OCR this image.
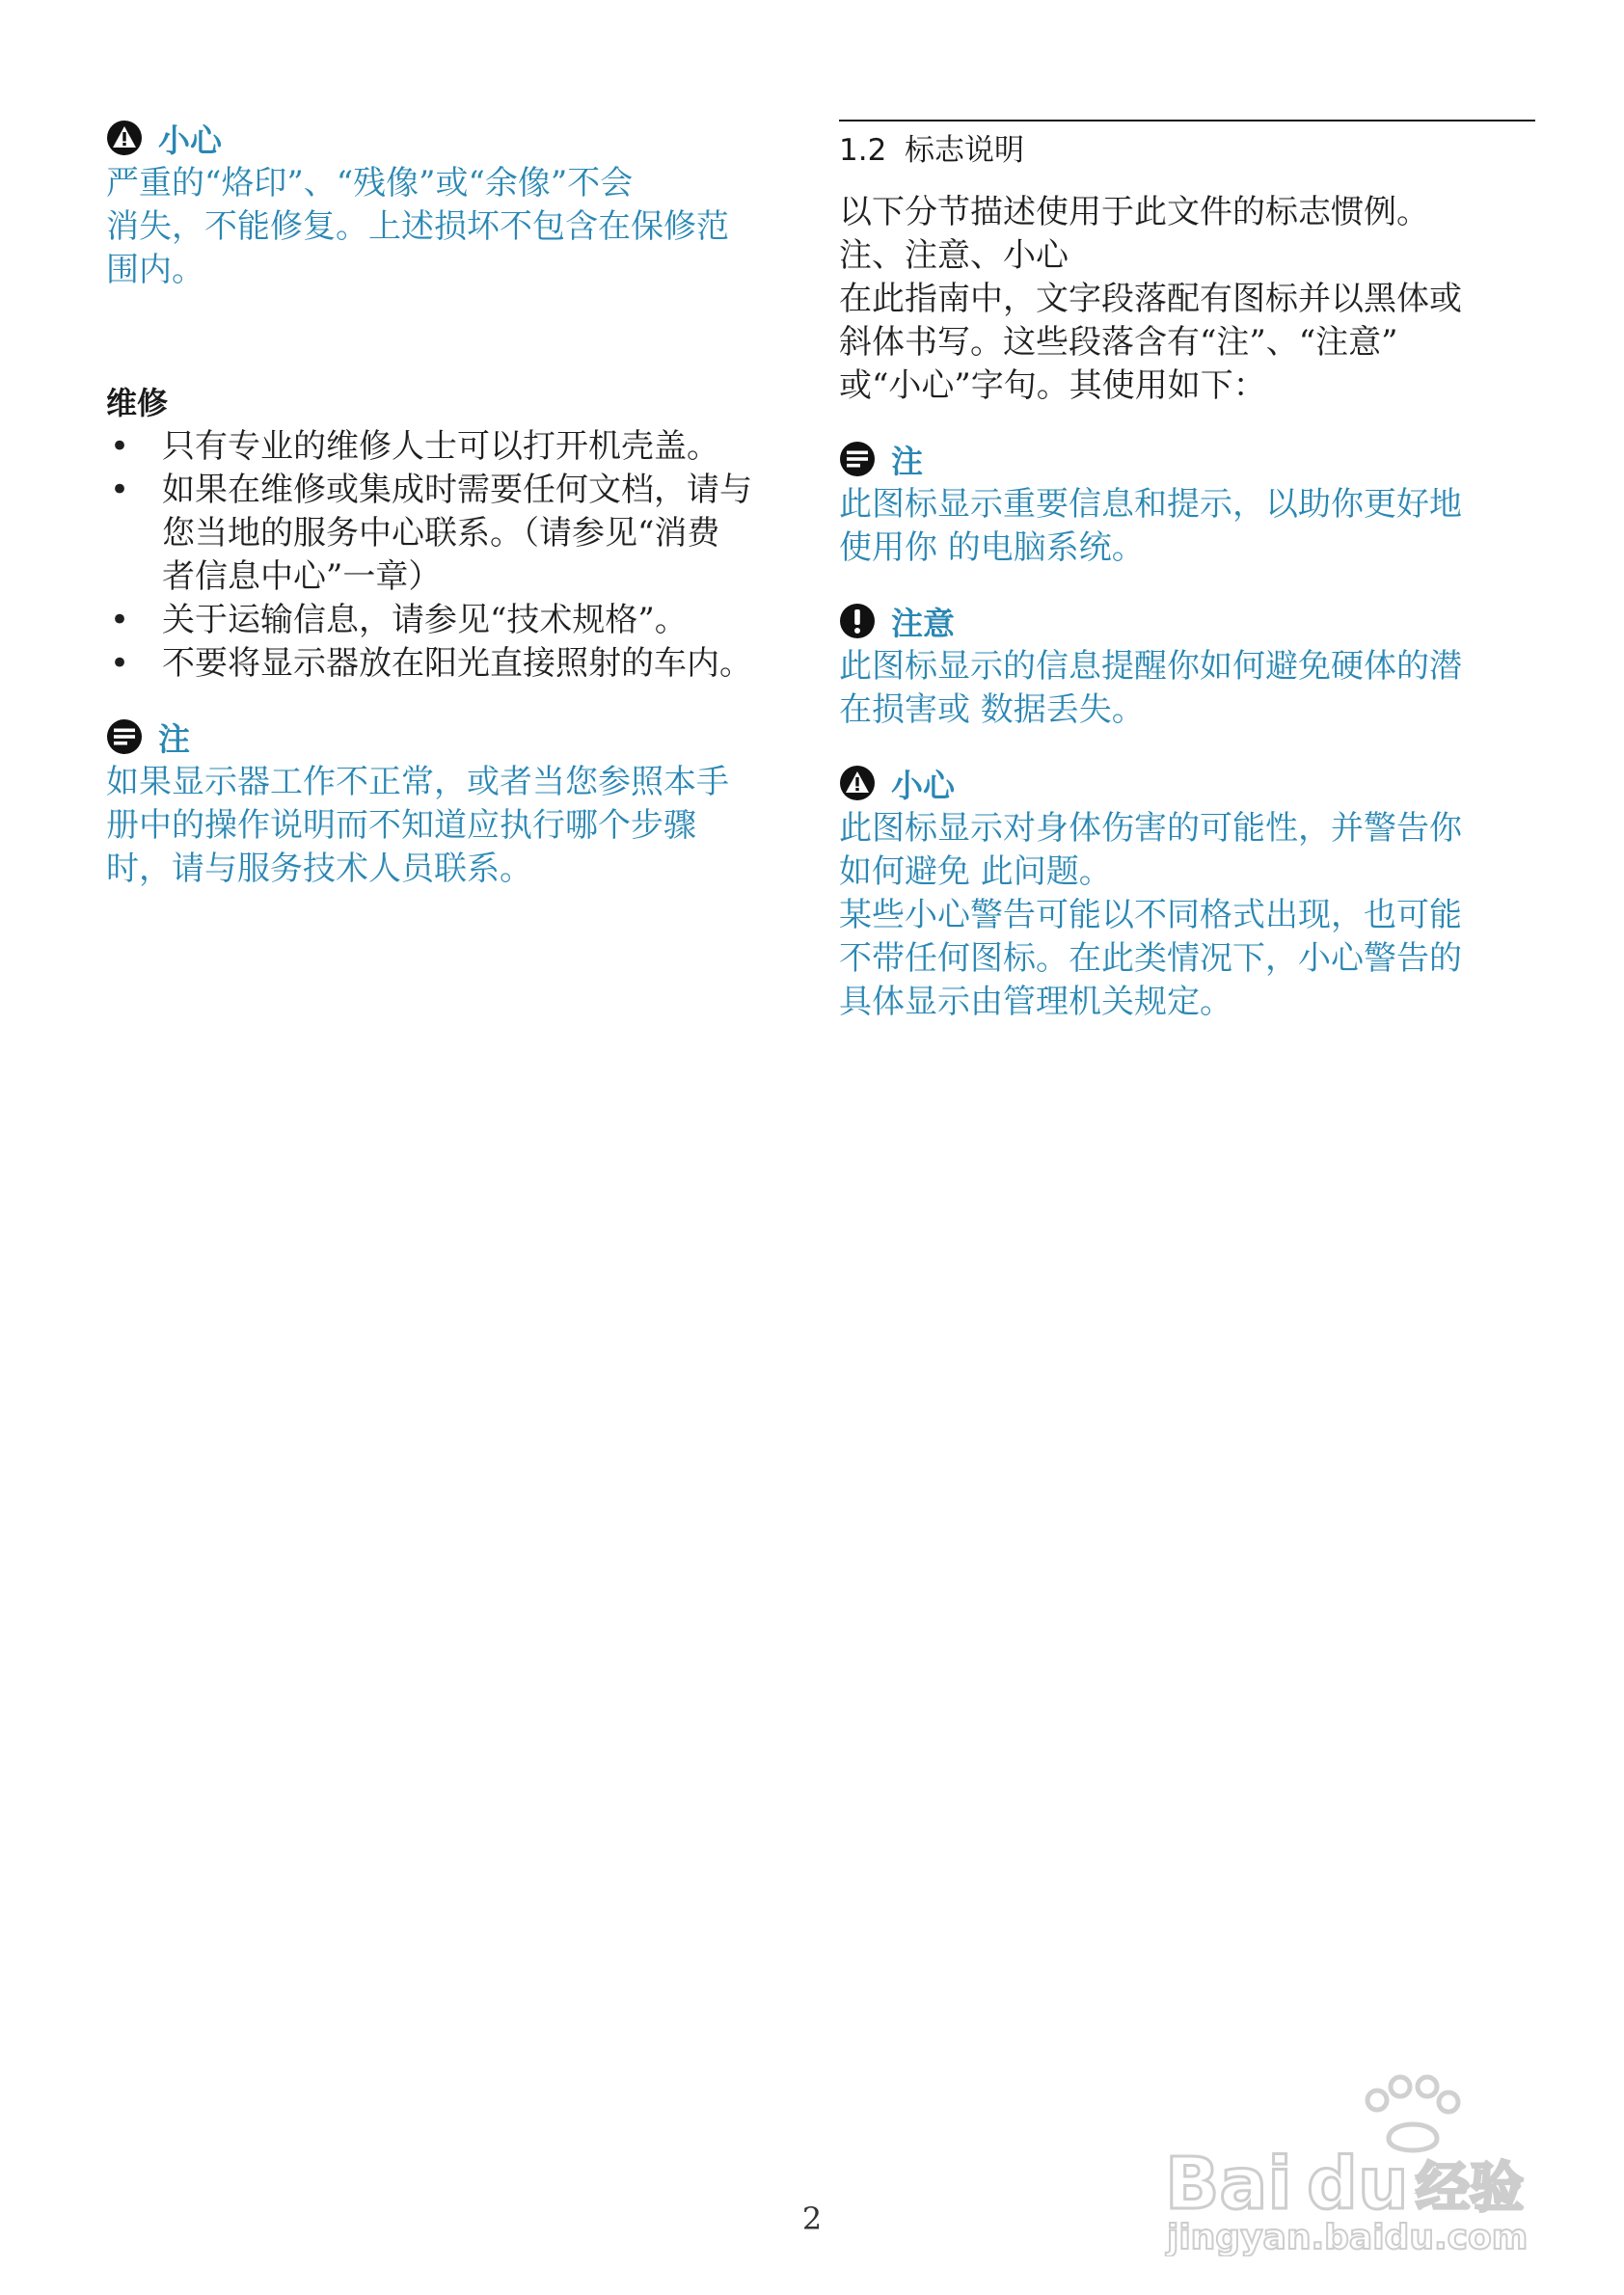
小心

严重的“烙印”、“残像”或“余像”不会
消失，不能修复。上述损坏不包含在保修范
围内。

维修
• 只有专业的维修人士可以打开机壳盖。
• 如果在维修或集成时需要任何文档，请与
您当地的服务中心联系。（请参见“消费
者信息中心”一章）
• 关于运输信息，请参见“技术规格”。
• 不要将显示器放在阳光直接照射的车内。
注

如果显示器工作不正常，或者当您参照本手
册中的操作说明而不知道应执行哪个步骤
时，请与服务技术人员联系。

1.2 标志说明

以下分节描述使用于此文件的标志惯例。
注、注意、小心
在此指南中，文字段落配有图标并以黑体或
斜体书写。这些段落含有“注”、“注意”
或“小心”字句。其使用如下：

注

此图标显示重要信息和提示，以助你更好地
使用你 的电脑系统。

注意

此图标显示的信息提醒你如何避免硬体的潜
在损害或 数据丢失。

小心

此图标显示对身体伤害的可能性，并警告你
如何避免 此问题。
某些小心警告可能以不同格式出现，也可能
不带任何图标。在此类情况下，小心警告的
具体显示由管理机关规定。

2	Bai du 经验
jingyan.baidu.com
